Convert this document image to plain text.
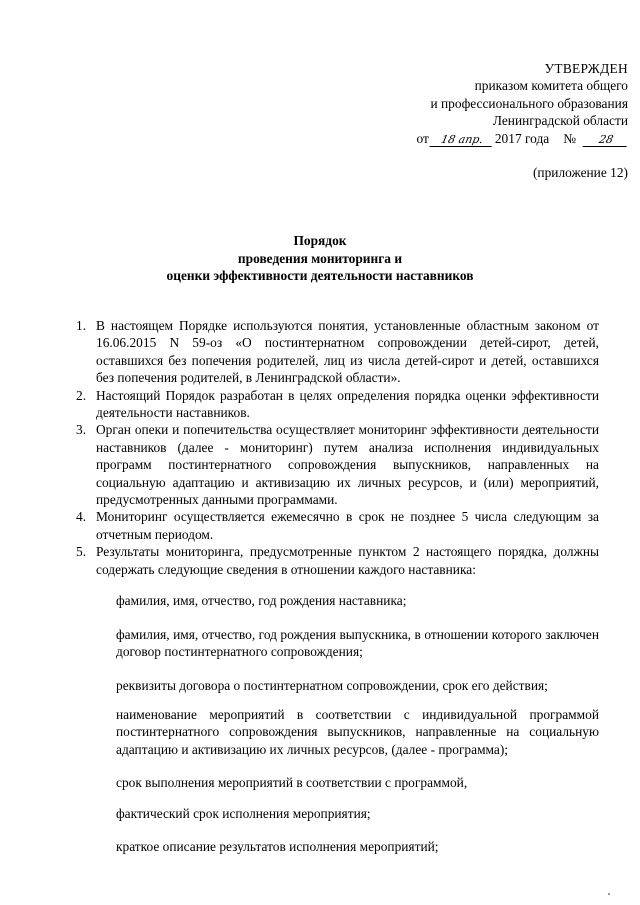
УТВЕРЖДЕН
приказом комитета общего
и профессионального образования
Ленинградской области
от 18 апр. 2017 года №	28
(приложение 12)
Порядок
проведения мониторинга и
оценки эффективности деятельности наставников
1. В настоящем Порядке используются понятия, установленные областным законом от 16.06.2015 N 59-оз «О постинтернатном сопровождении детей-сирот, детей, оставшихся без попечения родителей, лиц из числа детей-сирот и детей, оставшихся без попечения родителей, в Ленинградской области».
2. Настоящий Порядок разработан в целях определения порядка оценки эффективности деятельности наставников.
3. Орган опеки и попечительства осуществляет мониторинг эффективности деятельности наставников (далее - мониторинг) путем анализа исполнения индивидуальных программ постинтернатного сопровождения выпускников, направленных на социальную адаптацию и активизацию их личных ресурсов, и (или) мероприятий, предусмотренных данными программами.
4. Мониторинг осуществляется ежемесячно в срок не позднее 5 числа следующим за отчетным периодом.
5. Результаты мониторинга, предусмотренные пунктом 2 настоящего порядка, должны содержать следующие сведения в отношении каждого наставника:
фамилия, имя, отчество, год рождения наставника;
фамилия, имя, отчество, год рождения выпускника, в отношении которого заключен договор постинтернатного сопровождения;
реквизиты договора о постинтернатном сопровождении, срок его действия;
наименование мероприятий в соответствии с индивидуальной программой постинтернатного сопровождения выпускников, направленные на социальную адаптацию и активизацию их личных ресурсов, (далее - программа);
срок выполнения мероприятий в соответствии с программой,
фактический срок исполнения мероприятия;
краткое описание результатов исполнения мероприятий;
